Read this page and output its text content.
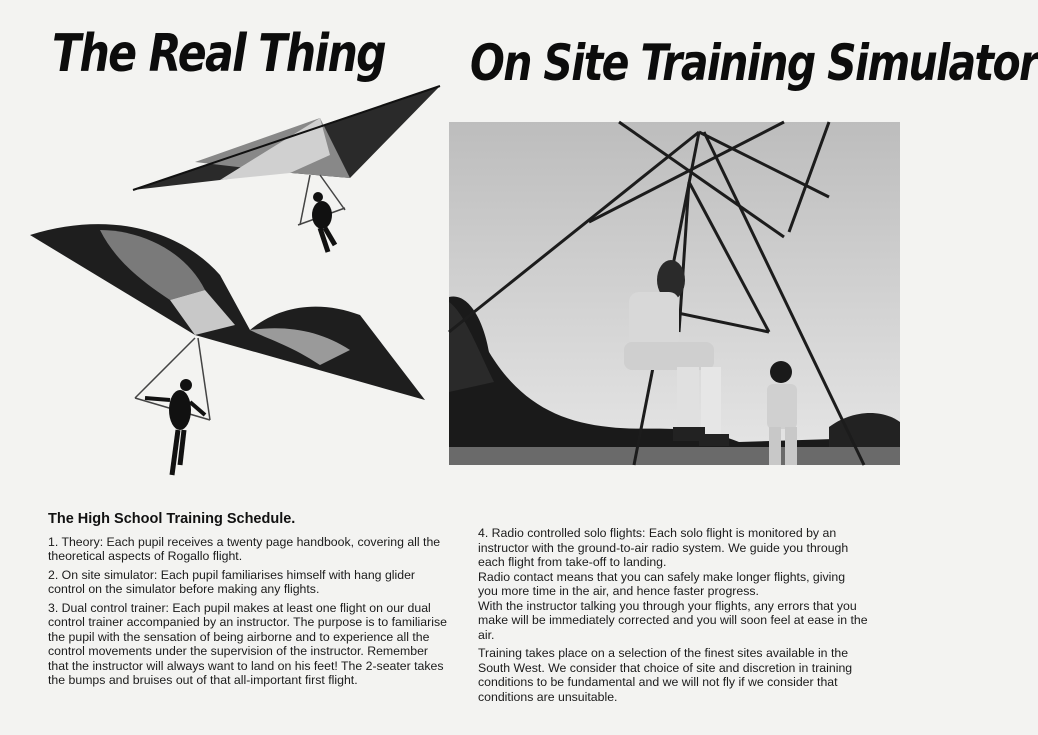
The Real Thing On Site Training Simulator
The High School Training Schedule.

1. Theory: Each pupil receives a twenty page handbook, covering all the theoretical aspects of Rogallo flight.

2. On site simulator: Each pupil familiarises himself with hang glider control on the simulator before making any flights.

3. Dual control trainer: Each pupil makes at least one flight on our dual control trainer accompanied by an instructor. The purpose is to familiarise the pupil with the sensation of being airborne and to experience all the control movements under the supervision of the instructor. Remember that the instructor will always want to land on his feet! The 2-seater takes the bumps and bruises out of that all-important first flight.

4. Radio controlled solo flights: Each solo flight is monitored by an instructor with the ground-to-air radio system. We guide you through each flight from take-off to landing.

Radio contact means that you can safely make longer flights, giving you more time in the air, and hence faster progress.

With the instructor talking you through your flights, any errors that you make will be immediately corrected and you will soon feel at ease in the air.

Training takes place on a selection of the finest sites available in the South West. We consider that choice of site and discretion in training conditions to be fundamental and we will not fly if we consider that conditions are unsuitable.
